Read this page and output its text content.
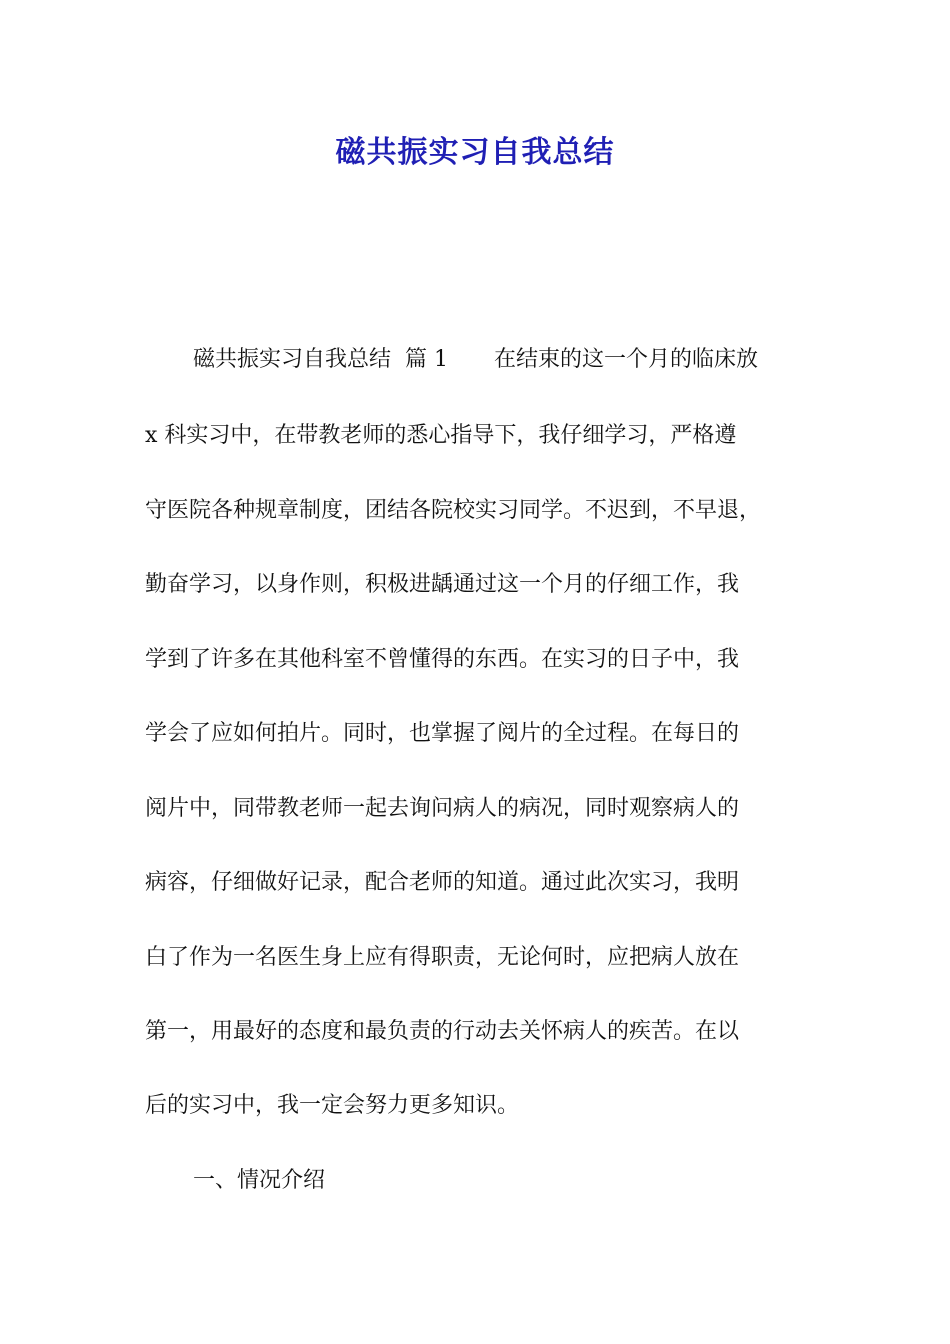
磁共振实习自我总结
磁共振实习自我总结 篇 1 在结束的这一个月的临床放
x 科实习中，在带教老师的悉心指导下，我仔细学习，严格遵
守医院各种规章制度，团结各院校实习同学。不迟到，不早退，
勤奋学习，以身作则，积极进龋通过这一个月的仔细工作，我
学到了许多在其他科室不曾懂得的东西。在实习的日子中，我
学会了应如何拍片。同时，也掌握了阅片的全过程。在每日的
阅片中，同带教老师一起去询问病人的病况，同时观察病人的
病容，仔细做好记录，配合老师的知道。通过此次实习，我明
白了作为一名医生身上应有得职责，无论何时，应把病人放在
第一，用最好的态度和最负责的行动去关怀病人的疾苦。在以
后的实习中，我一定会努力更多知识。
一、情况介绍
